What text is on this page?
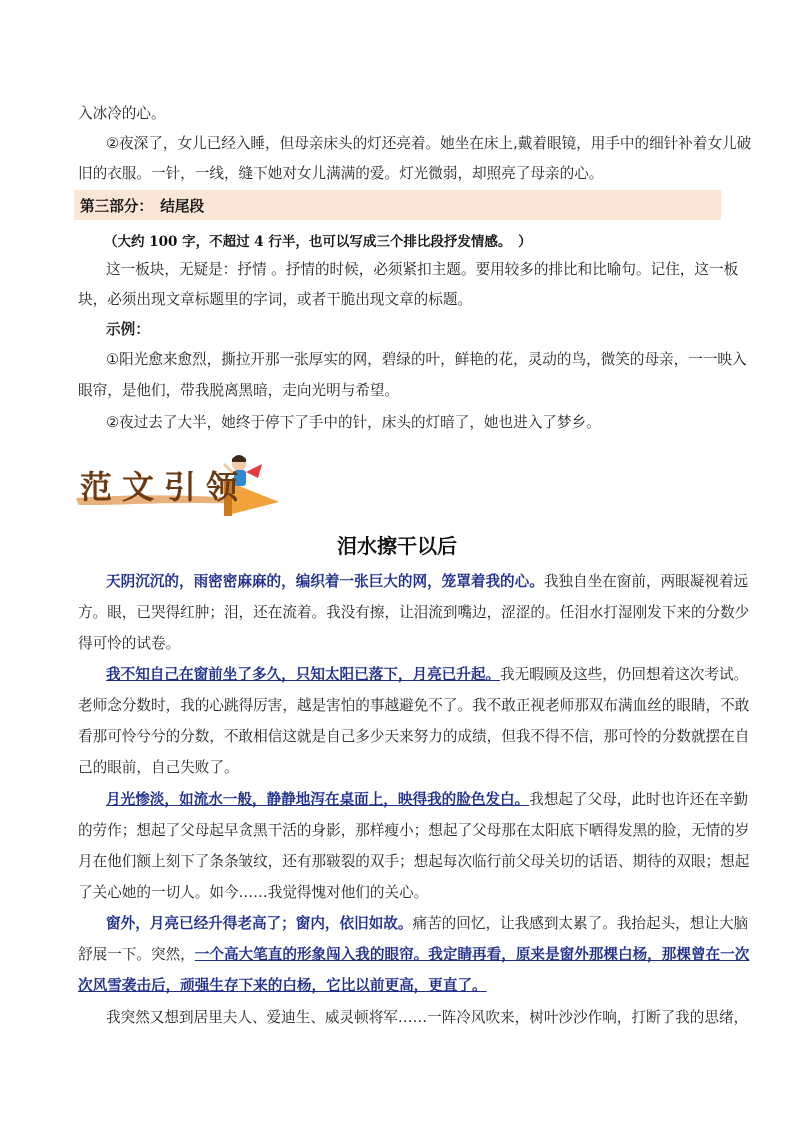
入冰冷的心。
②夜深了，女儿已经入睡，但母亲床头的灯还亮着。她坐在床上,戴着眼镜，用手中的细针补着女儿破
旧的衣服。一针，一线，缝下她对女儿满满的爱。灯光微弱，却照亮了母亲的心。
第三部分：　结尾段
（大约 100 字，不超过 4 行半，也可以写成三个排比段抒发情感。　）
这一板块，无疑是：抒情 。抒情的时候，必须紧扣主题。要用较多的排比和比喻句。记住，这一板
块，必须出现文章标题里的字词，或者干脆出现文章的标题。
示例：
①阳光愈来愈烈，撕拉开那一张厚实的网，碧绿的叶，鲜艳的花，灵动的鸟，微笑的母亲，一一映入
眼帘，是他们，带我脱离黑暗，走向光明与希望。
②夜过去了大半，她终于停下了手中的针，床头的灯暗了，她也进入了梦乡。
范文引领
泪水擦干以后
天阴沉沉的，雨密密麻麻的，编织着一张巨大的网，笼罩着我的心。我独自坐在窗前，两眼凝视着远
方。眼，已哭得红肿；泪，还在流着。我没有擦，让泪流到嘴边，涩涩的。任泪水打湿刚发下来的分数少
得可怜的试卷。
我不知自己在窗前坐了多久，只知太阳已落下，月亮已升起。我无暇顾及这些，仍回想着这次考试。
老师念分数时，我的心跳得厉害，越是害怕的事越避免不了。我不敢正视老师那双布满血丝的眼睛，不敢
看那可怜兮兮的分数，不敢相信这就是自己多少天来努力的成绩，但我不得不信，那可怜的分数就摆在自
己的眼前，自己失败了。
月光惨淡，如流水一般，静静地泻在桌面上，映得我的脸色发白。我想起了父母，此时也许还在辛勤
的劳作；想起了父母起早贪黑干活的身影，那样瘦小；想起了父母那在太阳底下晒得发黑的脸，无情的岁
月在他们额上刻下了条条皱纹，还有那皲裂的双手；想起每次临行前父母关切的话语、期待的双眼；想起
了关心她的一切人。如今……我觉得愧对他们的关心。
窗外，月亮已经升得老高了；窗内，依旧如故。痛苦的回忆，让我感到太累了。我抬起头，想让大脑
舒展一下。突然，一个高大笔直的形象闯入我的眼帘。我定睛再看，原来是窗外那棵白杨，那棵曾在一次
次风雪袭击后，顽强生存下来的白杨，它比以前更高，更直了。
我突然又想到居里夫人、爱迪生、威灵顿将军……一阵冷风吹来，树叶沙沙作响，打断了我的思绪，
